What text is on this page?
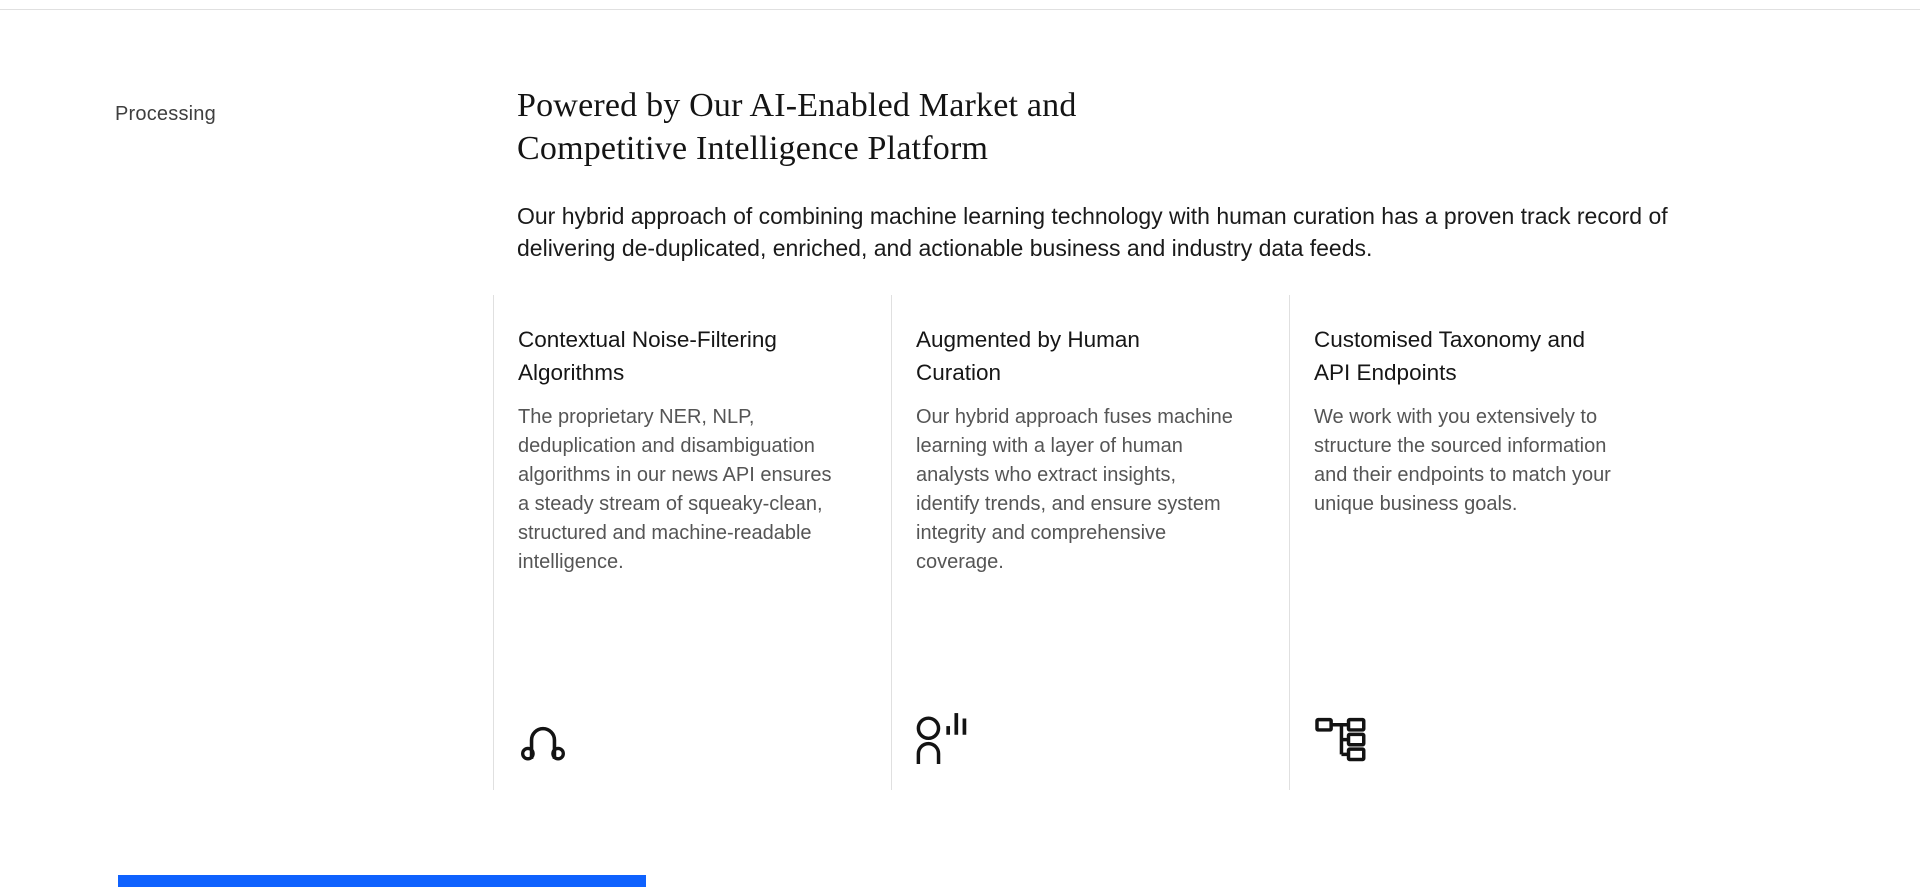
Processing	Powered by Our AI-Enabled Market and Competitive Intelligence Platform

Our hybrid approach of combining machine learning technology with human curation has a proven track record of delivering de-duplicated, enriched, and actionable business and industry data feeds.

Contextual Noise-Filtering Algorithms
The proprietary NER, NLP, deduplication and disambiguation algorithms in our news API ensures a steady stream of squeaky-clean, structured and machine-readable intelligence.
Augmented by Human Curation
Our hybrid approach fuses machine learning with a layer of human analysts who extract insights, identify trends, and ensure system integrity and comprehensive coverage.
Customised Taxonomy and API Endpoints
We work with you extensively to structure the sourced information and their endpoints to match your unique business goals.
